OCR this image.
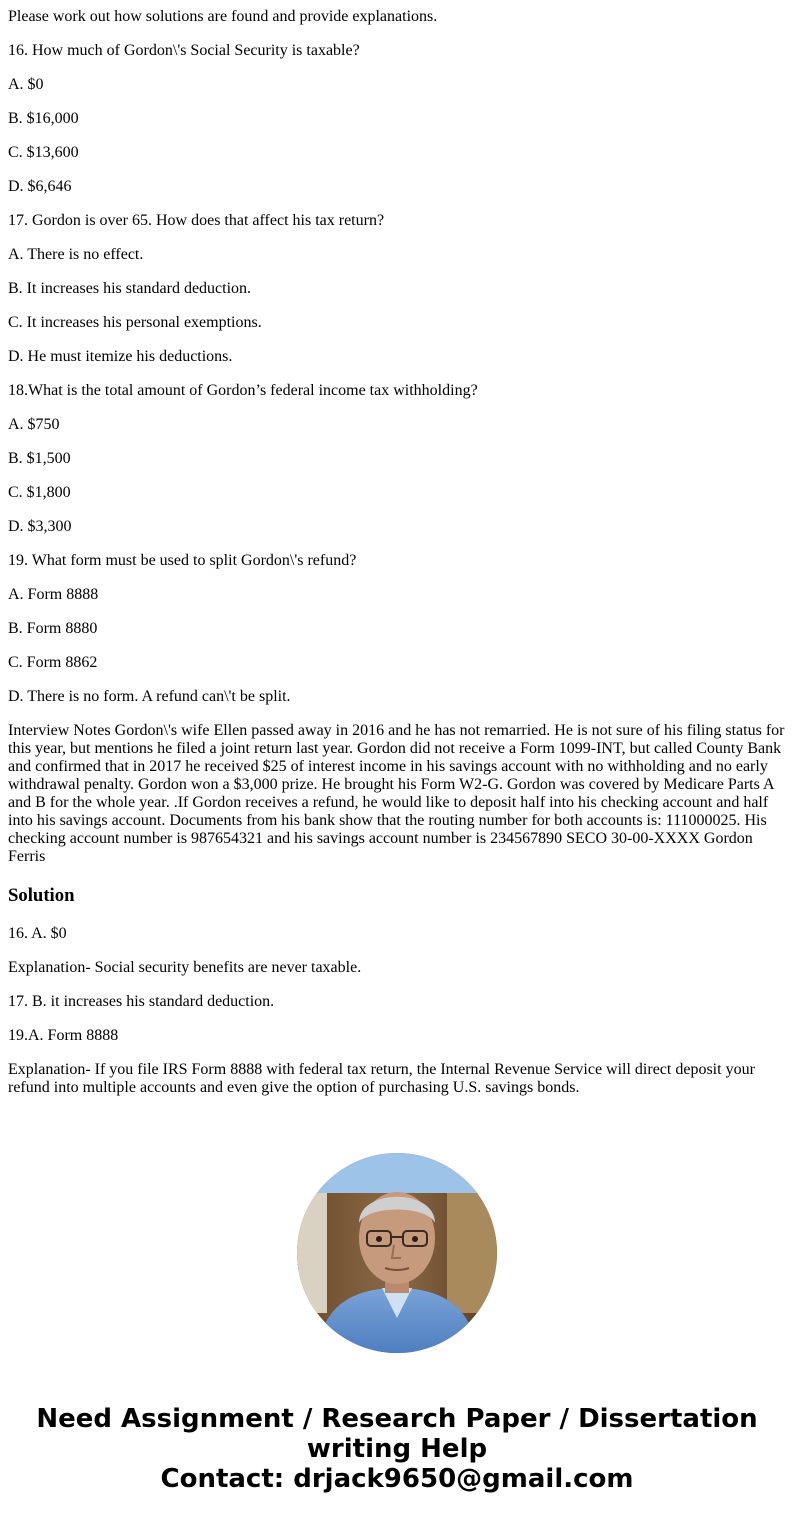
Please work out how solutions are found and provide explanations.

16. How much of Gordon\'s Social Security is taxable?

A. $0

B. $16,000

C. $13,600

D. $6,646

17. Gordon is over 65. How does that affect his tax return?

A. There is no effect.

B. It increases his standard deduction.

C. It increases his personal exemptions.

D. He must itemize his deductions.

18.What is the total amount of Gordon’s federal income tax withholding?

A. $750

B. $1,500

C. $1,800

D. $3,300

19. What form must be used to split Gordon\'s refund?

A. Form 8888

B. Form 8880

C. Form 8862

D. There is no form. A refund can\'t be split.

Interview Notes Gordon\'s wife Ellen passed away in 2016 and he has not remarried. He is not sure of his filing status for this year, but mentions he filed a joint return last year. Gordon did not receive a Form 1099-INT, but called County Bank and confirmed that in 2017 he received $25 of interest income in his savings account with no withholding and no early withdrawal penalty. Gordon won a $3,000 prize. He brought his Form W2-G. Gordon was covered by Medicare Parts A and B for the whole year. .If Gordon receives a refund, he would like to deposit half into his checking account and half into his savings account. Documents from his bank show that the routing number for both accounts is: 111000025. His checking account number is 987654321 and his savings account number is 234567890 SECO 30-00-XXXX Gordon Ferris

Solution

16. A. $0

Explanation- Social security benefits are never taxable.

17. B. it increases his standard deduction.

19.A. Form 8888

Explanation- If you file IRS Form 8888 with federal tax return, the Internal Revenue Service will direct deposit your refund into multiple accounts and even give the option of purchasing U.S. savings bonds.

Need Assignment / Research Paper / Dissertation
writing Help
Contact: drjack9650@gmail.com
